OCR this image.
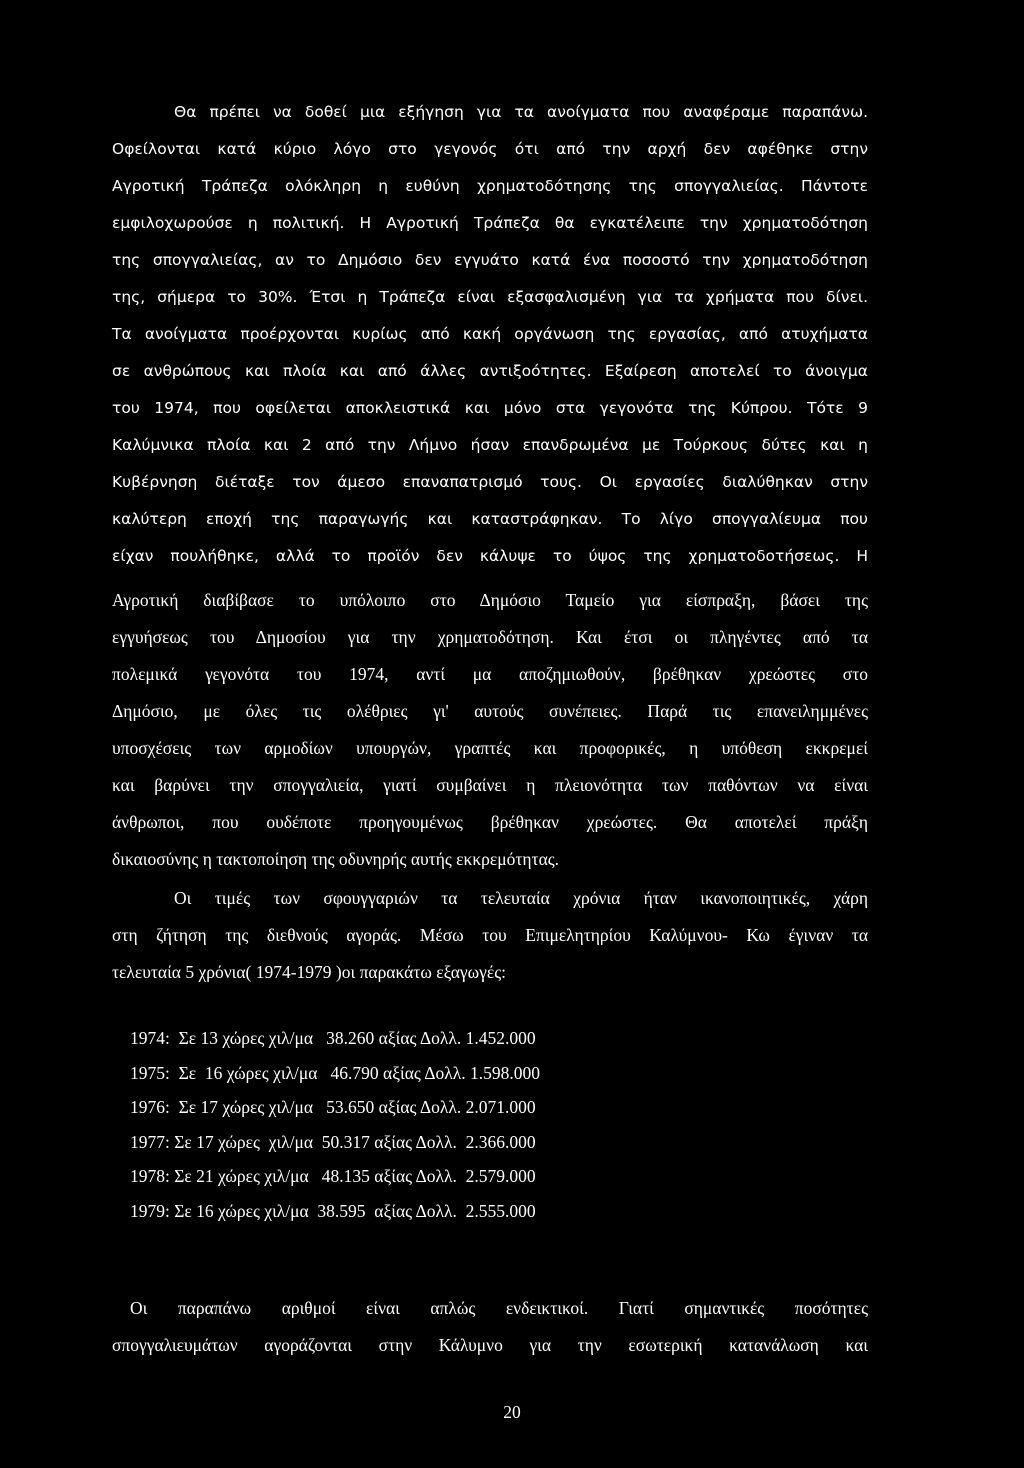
Θα πρέπει να δοθεί μια εξήγηση για τα ανοίγματα που αναφέραμε παραπάνω.
Οφείλονται κατά κύριο λόγο στο γεγονός ότι από την αρχή δεν αφέθηκε στην
Αγροτική Τράπεζα ολόκληρη η ευθύνη χρηματοδότησης της σπογγαλιείας. Πάντοτε
εμφιλοχωρούσε η πολιτική. Η Αγροτική Τράπεζα θα εγκατέλειπε την χρηματοδότηση
της σπογγαλιείας, αν το Δημόσιο δεν εγγυάτο κατά ένα ποσοστό την χρηματοδότηση
της, σήμερα το 30%. Έτσι η Τράπεζα είναι εξασφαλισμένη για τα χρήματα που δίνει.
Τα ανοίγματα προέρχονται κυρίως από κακή οργάνωση της εργασίας, από ατυχήματα
σε ανθρώπους και πλοία και από άλλες αντιξοότητες. Εξαίρεση αποτελεί το άνοιγμα
του 1974, που οφείλεται αποκλειστικά και μόνο στα γεγονότα της Κύπρου. Τότε 9
Καλύμνικα πλοία και 2 από την Λήμνο ήσαν επανδρωμένα με Τούρκους δύτες και η
Κυβέρνηση διέταξε τον άμεσο επαναπατρισμό τους. Οι εργασίες διαλύθηκαν στην
καλύτερη εποχή της παραγωγής και καταστράφηκαν. Το λίγο σπογγαλίευμα που
είχαν πουλήθηκε, αλλά το προϊόν δεν κάλυψε το ύψος της χρηματοδοτήσεως. Η
Αγροτική διαβίβασε το υπόλοιπο στο Δημόσιο Ταμείο για είσπραξη, βάσει της
εγγυήσεως του Δημοσίου για την χρηματοδότηση. Και έτσι οι πληγέντες από τα
πολεμικά γεγονότα του 1974, αντί μα αποζημιωθούν, βρέθηκαν χρεώστες στο
Δημόσιο, με όλες τις ολέθριες γι' αυτούς συνέπειες. Παρά τις επανειλημμένες
υποσχέσεις των αρμοδίων υπουργών, γραπτές και προφορικές, η υπόθεση εκκρεμεί
και βαρύνει την σπογγαλιεία, γιατί συμβαίνει η πλειονότητα των παθόντων να είναι
άνθρωποι, που ουδέποτε προηγουμένως βρέθηκαν χρεώστες. Θα αποτελεί πράξη
δικαιοσύνης η τακτοποίηση της οδυνηρής αυτής εκκρεμότητας.
Οι τιμές των σφουγγαριών τα τελευταία χρόνια ήταν ικανοποιητικές, χάρη
στη ζήτηση της διεθνούς αγοράς. Μέσω του Επιμελητηρίου Καλύμνου- Κω έγιναν τα
τελευταία 5 χρόνια( 1974-1979 )οι παρακάτω εξαγωγές:
1974:  Σε 13 χώρες χιλ/μα   38.260 αξίας Δολλ. 1.452.000
1975:  Σε  16 χώρες χιλ/μα   46.790 αξίας Δολλ. 1.598.000
1976:  Σε 17 χώρες χιλ/μα   53.650 αξίας Δολλ. 2.071.000
1977: Σε 17 χώρες  χιλ/μα  50.317 αξίας Δολλ.  2.366.000
1978: Σε 21 χώρες χιλ/μα   48.135 αξίας Δολλ.  2.579.000
1979: Σε 16 χώρες χιλ/μα  38.595  αξίας Δολλ.  2.555.000
Οι παραπάνω αριθμοί είναι απλώς ενδεικτικοί. Γιατί σημαντικές ποσότητες
σπογγαλιευμάτων αγοράζονται στην Κάλυμνο για την εσωτερική κατανάλωση και
20
